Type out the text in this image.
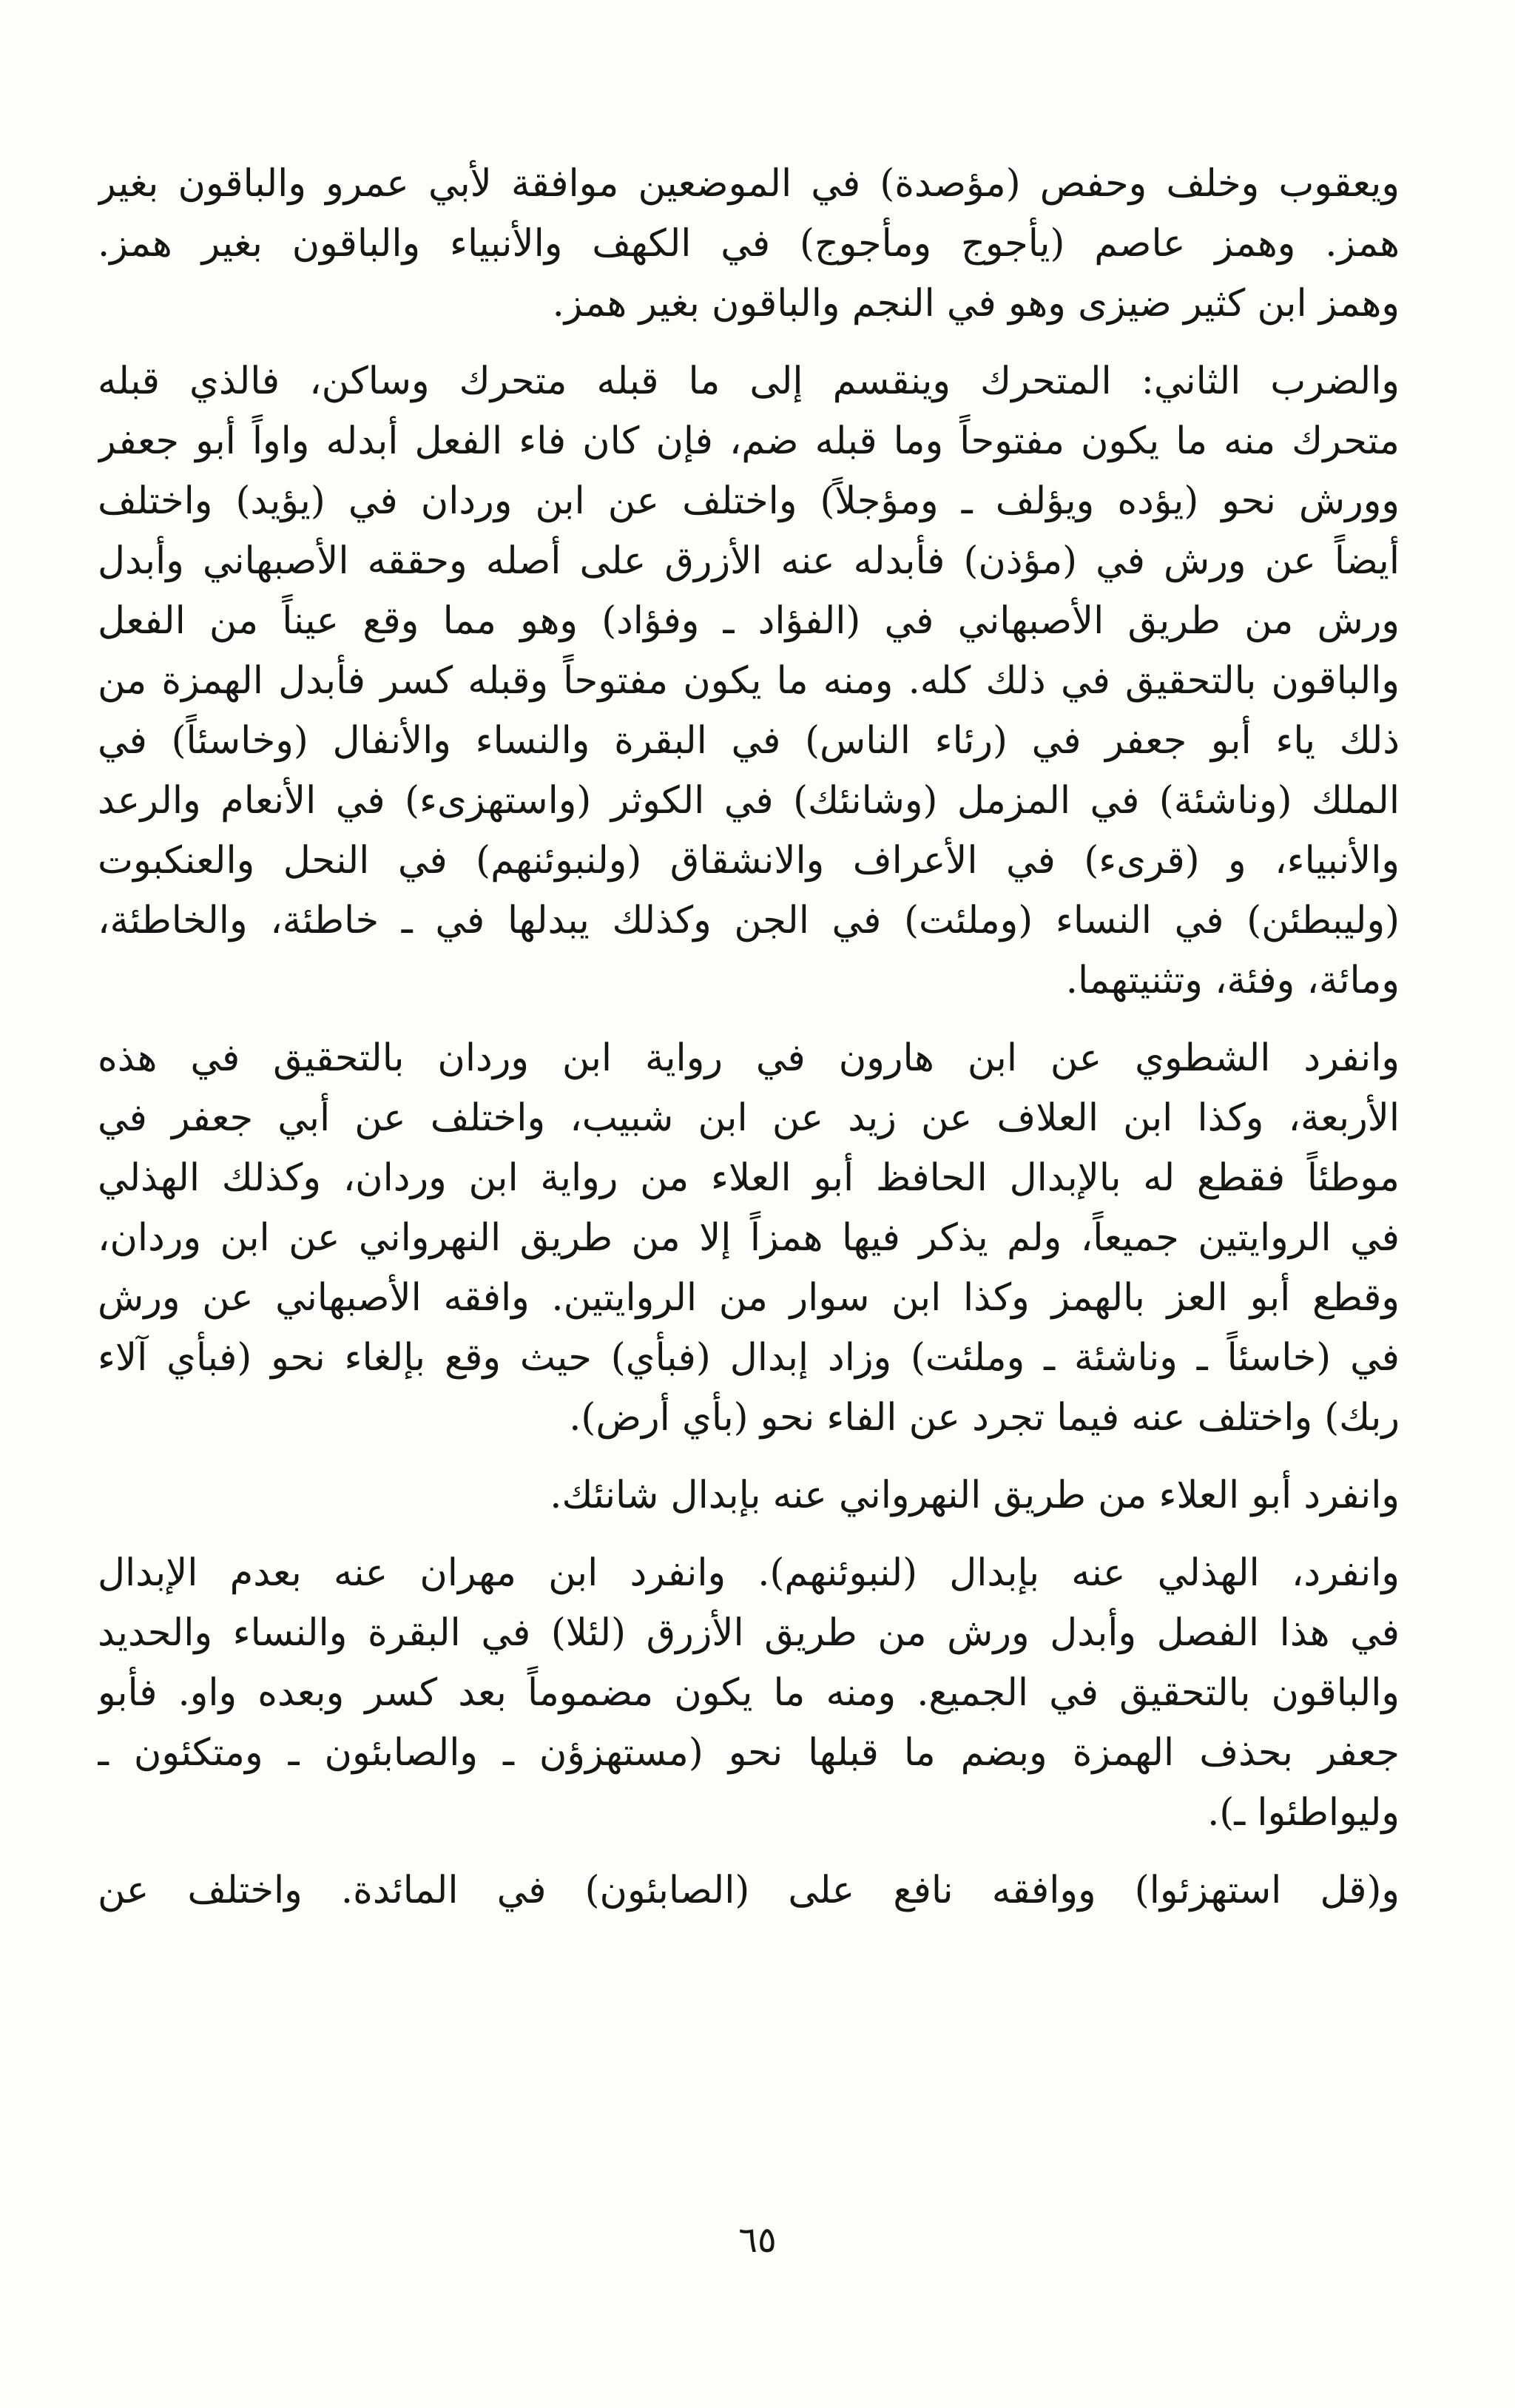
ويعقوب وخلف وحفص (مؤصدة) في الموضعين موافقة لأبي عمرو والباقون بغير
همز. وهمز عاصم (يأجوج ومأجوج) في الكهف والأنبياء والباقون بغير همز.
وهمز ابن كثير ضيزى وهو في النجم والباقون بغير همز.
والضرب الثاني: المتحرك وينقسم إلى ما قبله متحرك وساكن، فالذي قبله
متحرك منه ما يكون مفتوحاً وما قبله ضم، فإن كان فاء الفعل أبدله واواً أبو جعفر
وورش نحو (يؤده ويؤلف ـ ومؤجلاً) واختلف عن ابن وردان في (يؤيد) واختلف
أيضاً عن ورش في (مؤذن) فأبدله عنه الأزرق على أصله وحققه الأصبهاني وأبدل
ورش من طريق الأصبهاني في (الفؤاد ـ وفؤاد) وهو مما وقع عيناً من الفعل
والباقون بالتحقيق في ذلك كله. ومنه ما يكون مفتوحاً وقبله كسر فأبدل الهمزة من
ذلك ياء أبو جعفر في (رئاء الناس) في البقرة والنساء والأنفال (وخاسئاً) في
الملك (وناشئة) في المزمل (وشانئك) في الكوثر (واستهزىء) في الأنعام والرعد
والأنبياء، و (قرىء) في الأعراف والانشقاق (ولنبوئنهم) في النحل والعنكبوت
(وليبطئن) في النساء (وملئت) في الجن وكذلك يبدلها في ـ خاطئة، والخاطئة،
ومائة، وفئة، وتثنيتهما.
وانفرد الشطوي عن ابن هارون في رواية ابن وردان بالتحقيق في هذه
الأربعة، وكذا ابن العلاف عن زيد عن ابن شبيب، واختلف عن أبي جعفر في
موطئاً فقطع له بالإبدال الحافظ أبو العلاء من رواية ابن وردان، وكذلك الهذلي
في الروايتين جميعاً، ولم يذكر فيها همزاً إلا من طريق النهرواني عن ابن وردان،
وقطع أبو العز بالهمز وكذا ابن سوار من الروايتين. وافقه الأصبهاني عن ورش
في (خاسئاً ـ وناشئة ـ وملئت) وزاد إبدال (فبأي) حيث وقع بإلغاء نحو (فبأي آلاء
ربك) واختلف عنه فيما تجرد عن الفاء نحو (بأي أرض).
وانفرد أبو العلاء من طريق النهرواني عنه بإبدال شانئك.
وانفرد، الهذلي عنه بإبدال (لنبوئنهم). وانفرد ابن مهران عنه بعدم الإبدال
في هذا الفصل وأبدل ورش من طريق الأزرق (لئلا) في البقرة والنساء والحديد
والباقون بالتحقيق في الجميع. ومنه ما يكون مضموماً بعد كسر وبعده واو. فأبو
جعفر بحذف الهمزة وبضم ما قبلها نحو (مستهزؤن ـ والصابئون ـ ومتكئون ـ
وليواطئوا ـ).
و(قل استهزئوا) ووافقه نافع على (الصابئون) في المائدة. واختلف عن
٦٥
